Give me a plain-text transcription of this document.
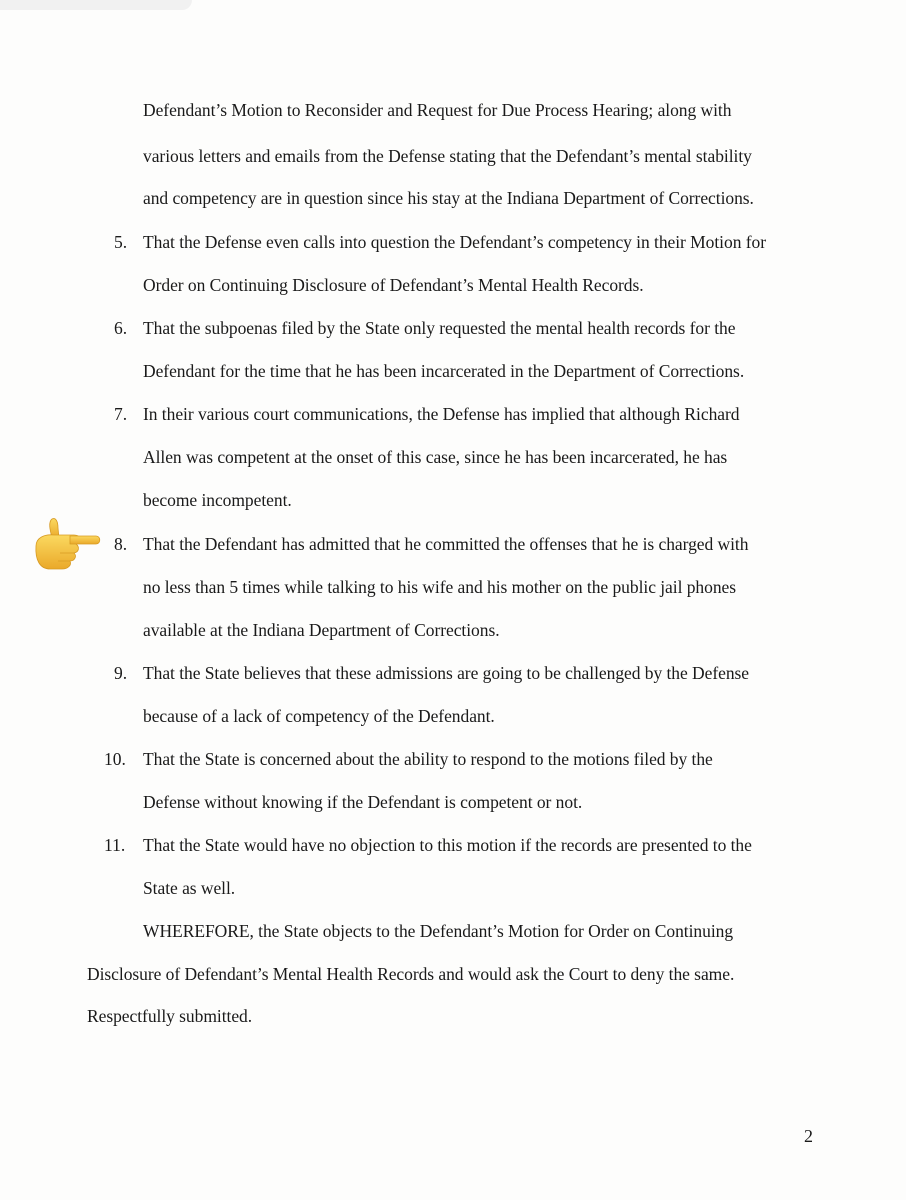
Defendant’s Motion to Reconsider and Request for Due Process Hearing; along with
various letters and emails from the Defense stating that the Defendant’s mental stability
and competency are in question since his stay at the Indiana Department of Corrections.
5. That the Defense even calls into question the Defendant’s competency in their Motion for
Order on Continuing Disclosure of Defendant’s Mental Health Records.
6. That the subpoenas filed by the State only requested the mental health records for the
Defendant for the time that he has been incarcerated in the Department of Corrections.
7. In their various court communications, the Defense has implied that although Richard
Allen was competent at the onset of this case, since he has been incarcerated, he has
become incompetent.
8. That the Defendant has admitted that he committed the offenses that he is charged with
no less than 5 times while talking to his wife and his mother on the public jail phones
available at the Indiana Department of Corrections.
9. That the State believes that these admissions are going to be challenged by the Defense
because of a lack of competency of the Defendant.
10. That the State is concerned about the ability to respond to the motions filed by the
Defense without knowing if the Defendant is competent or not.
11. That the State would have no objection to this motion if the records are presented to the
State as well.
WHEREFORE, the State objects to the Defendant’s Motion for Order on Continuing
Disclosure of Defendant’s Mental Health Records and would ask the Court to deny the same.
Respectfully submitted.
2
